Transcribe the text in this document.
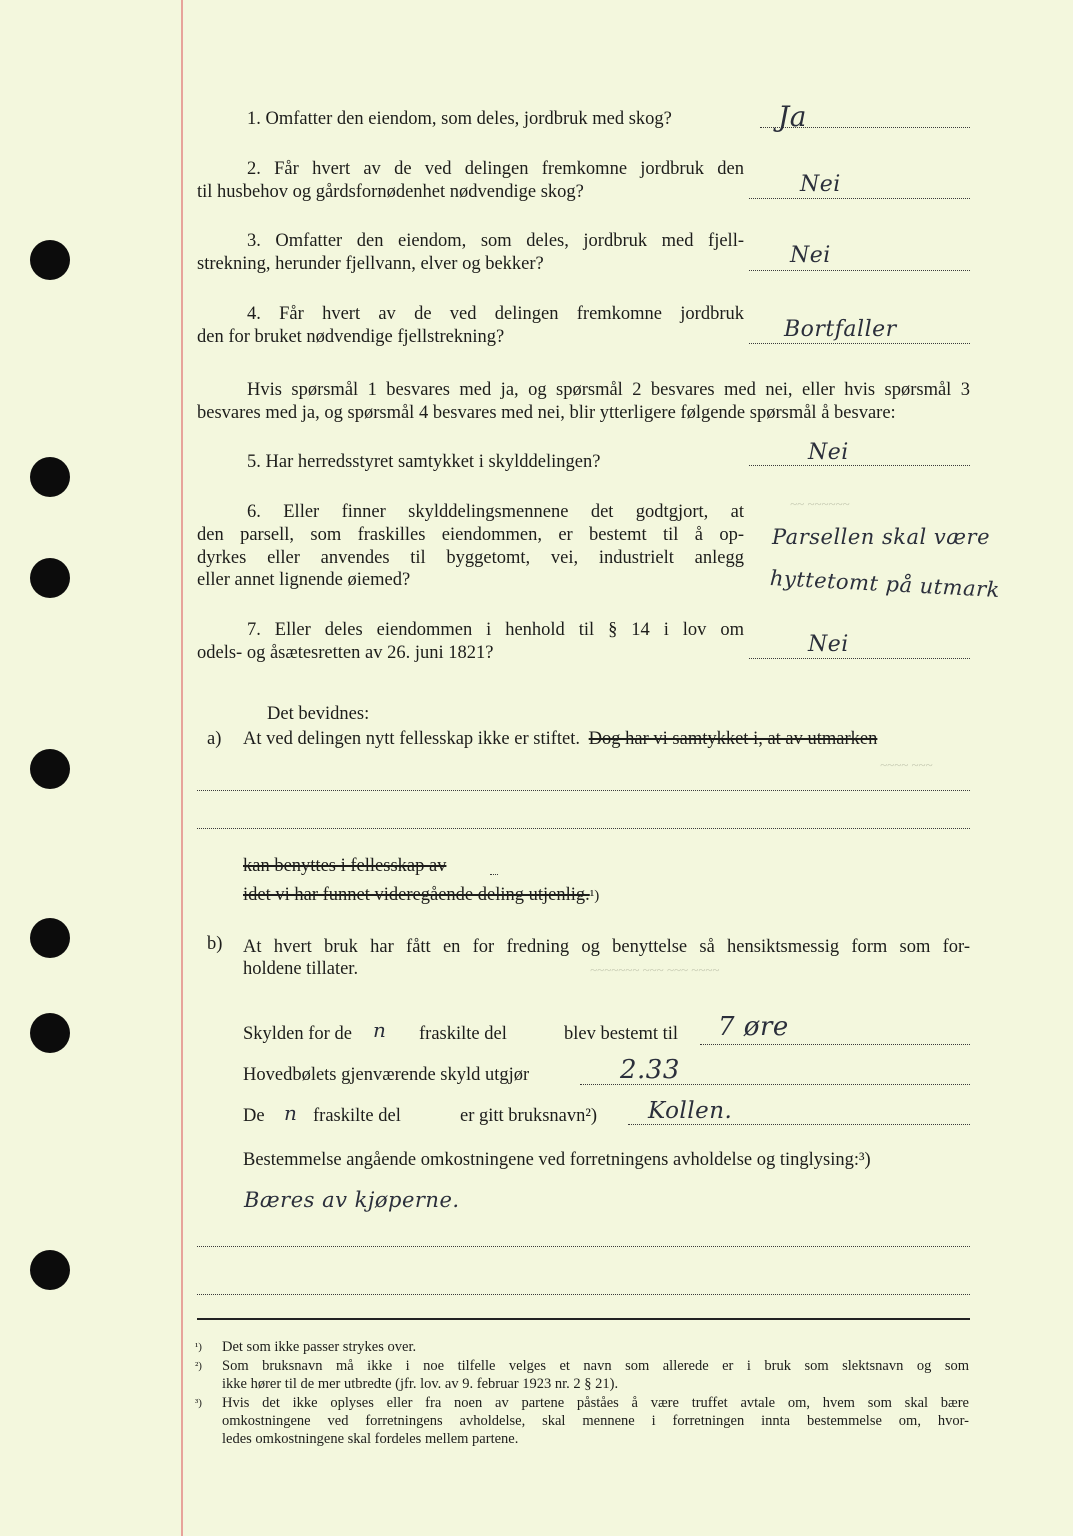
~~ ~~~~~~
~~~~ ~~~
~~~~~~~ ~~~ ~~~ ~~~~

1. Omfatter den eiendom, som deles, jordbruk med skog?	Ja

2. Får hvert av de ved delingen fremkomne jordbruk den

til husbehov og gårdsfornødenhet nødvendige skog?	Nei

3. Omfatter den eiendom, som deles, jordbruk med fjell-

strekning, herunder fjellvann, elver og bekker?	Nei

4. Får hvert av de ved delingen fremkomne jordbruk

den for bruket nødvendige fjellstrekning?	Bortfaller

Hvis spørsmål 1 besvares med ja, og spørsmål 2 besvares med nei, eller hvis spørsmål 3

besvares med ja, og spørsmål 4 besvares med nei, blir ytterligere følgende spørsmål å besvare:

5. Har herredsstyret samtykket i skylddelingen?	Nei

6. Eller finner skylddelingsmennene det godtgjort, at

den parsell, som fraskilles eiendommen, er bestemt til å op-

dyrkes eller anvendes til byggetomt, vei, industrielt anlegg

eller annet lignende øiemed?

Parsellen skal være
hyttetomt på utmark

7. Eller deles eiendommen i henhold til § 14 i lov om

odels- og åsætesretten av 26. juni 1821?	Nei
Det bevidnes:
a) At ved delingen nytt fellesskap ikke er stiftet. Dog har vi samtykket i, at av utmarken
kan benyttes i fellesskap av
idet vi har funnet videregående deling utjenlig.¹)
b) At hvert bruk har fått en for fredning og benyttelse så hensiktsmessig form som for-

holdene tillater.

Skylden for de n fraskilte del	blev bestemt til 7 øre
Hovedbølets gjenværende skyld utgjør	2.33
De n fraskilte del	er gitt bruksnavn²) Kollen.
Bestemmelse angående omkostningene ved forretningens avholdelse og tinglysing:³)
Bæres av kjøperne.
¹)	Det som ikke passer strykes over.
²)	Som bruksnavn må ikke i noe tilfelle velges et navn som allerede er i bruk som slektsnavn og som
ikke hører til de mer utbredte (jfr. lov. av 9. februar 1923 nr. 2 § 21).
³)	Hvis det ikke oplyses eller fra noen av partene påståes å være truffet avtale om, hvem som skal bære
omkostningene ved forretningens avholdelse, skal mennene i forretningen innta bestemmelse om, hvor-
ledes omkostningene skal fordeles mellem partene.
